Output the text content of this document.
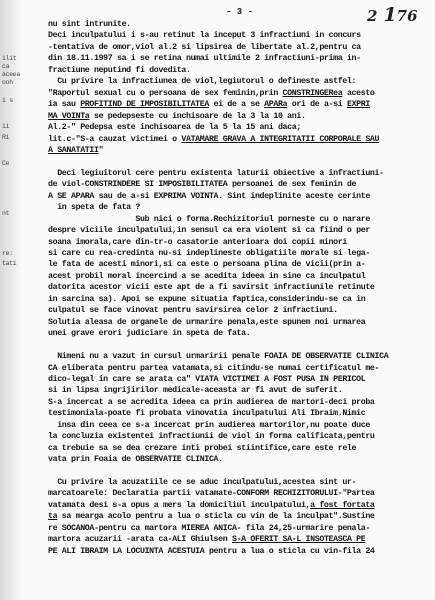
ilit
ca
aceea
ooh
i s
ii
Ri
Ce
nt
re:
tati
- 3 -	2 176
nu sint intrunite.
Deci inculpatului i s-au retinut la inceput 3 infractiuni in concurs
-tentativa de omor,viol al.2 si lipsirea de libertate al.2,pentru ca
din 18.11.1997 sa i se retina numai ultimile 2 infractiuni-prima in-
fractiune neputind fi dovedita.
Cu privire la infractiunea de viol,legiutorul o defineste astfel:
"Raportul sexual cu o persoana de sex feminin,prin CONSTRINGERea acesto
ia sau PROFITIND DE IMPOSIBILITATEA ei de a se APARa ori de a-si EXPRI
MA VOINTa se pedepseste cu inchisoare de la 3 la 10 ani.
Al.2-" Pedepsa este inchisoarea de la 5 la 15 ani daca;
lit.c-"S-a cauzat victimei o VATAMARE GRAVA A INTEGRITATII CORPORALE SAU
A SANATATII"
Deci legiuitorul cere pentru existenta laturii obiective a infractiuni-
de viol-CONSTRINDERE SI IMPOSIBILITATEA persoanei de sex feminin de
A SE APARA sau de a-si EXPRIMA VOINTA. Sint indeplinite aceste cerinte
in speta de fata ?
Sub nici o forma.Rechizitoriul porneste cu o narare
despre viciile inculpatului,in sensul ca era violent si ca fiind o per
soana imorala,care din-tr-o casatorie anterioara doi copii minori
si care cu rea-credinta nu-si indeplineste obligatiile morale si lega-
le fata de acesti minori,si ca este o persoana plina de vicii(prin a-
acest probil moral incercind a se acedita ideea in sine ca inculpatul
datorita acestor vicii este apt de a fi savirsit infractiunile retinute
in sarcina sa). Apoi se expune situatia faptica,considerindu-se ca in
culpatul se face vinovat pentru savirsirea celor 2 infractiuni.
Solutia aleasa de organele de urmarire penala,este spunem noi urmarea
unei grave erori judiciare in speta de fata.
Nimeni nu a vazut in cursul urmaririi penale FOAIA DE OBSERVATIE CLINICA
CA eliberata pentru partea vatamata,si citindu-se numai certificatul me-
dico-legal in care se arata ca" VIATA VICTIMEI A FOST PUSA IN PERICOL
si in lipsa ingrijirilor medicale-aceasta ar fi avut de suferit.
S-a incercat a se acredita ideea ca prin audierea de martori-deci proba
testimoniala-poate fi probata vinovatia inculpatului Ali Ibraim.Nimic
insa din ceea ce s-a incercat prin audierea martorilor,nu poate duce
la concluzia existentei infractiunii de viol in forma calificata,pentru
ca trebuie sa se dea crezare inti probei stiintifice,care este rele
vata prin Foaia de OBSERVATIE CLINICA.
Cu privire la acuzatiile ce se aduc inculpatului,acestea sint ur-
marcatoarele: Declaratia partii vatamate-CONFORM RECHIZITORULUI-"Partea
vatamata desi s-a opus a mers la domiciliul inculpatului,a fost fortata
ta sa mearga acolo pentru a lua o sticla cu vin de la inculpat".Sustine
re SOCANOA-pentru ca martora MIEREA ANICA- fila 24,25-urmarire penala-
martora acuzarii -arata ca-ALI Ghiulsen S-A OFERIT SA-L INSOTEASCA PE
PE ALI IBRAIM LA LOCUINTA ACESTUIA pentru a lua o sticla cu vin-fila 24
